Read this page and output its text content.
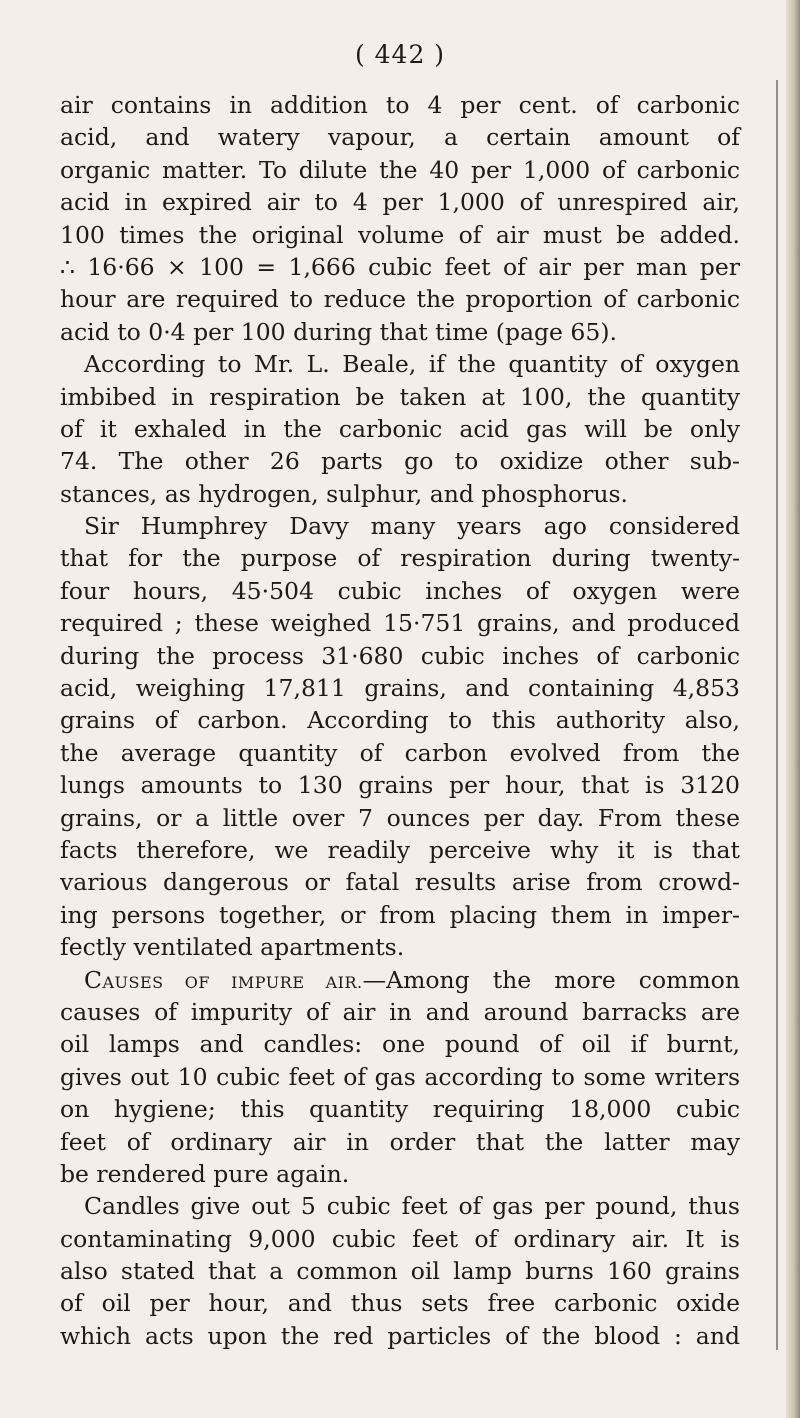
( 442 )
air contains in addition to 4 per cent. of carbonic
acid, and watery vapour, a certain amount of
organic matter. To dilute the 40 per 1,000 of carbonic
acid in expired air to 4 per 1,000 of unrespired air,
100 times the original volume of air must be added.
∴ 16·66 × 100 = 1,666 cubic feet of air per man per
hour are required to reduce the proportion of carbonic
acid to 0·4 per 100 during that time (page 65).
According to Mr. L. Beale, if the quantity of oxygen
imbibed in respiration be taken at 100, the quantity
of it exhaled in the carbonic acid gas will be only
74. The other 26 parts go to oxidize other sub-
stances, as hydrogen, sulphur, and phosphorus.
Sir Humphrey Davy many years ago considered
that for the purpose of respiration during twenty-
four hours, 45·504 cubic inches of oxygen were
required ; these weighed 15·751 grains, and produced
during the process 31·680 cubic inches of carbonic
acid, weighing 17,811 grains, and containing 4,853
grains of carbon. According to this authority also,
the average quantity of carbon evolved from the
lungs amounts to 130 grains per hour, that is 3120
grains, or a little over 7 ounces per day. From these
facts therefore, we readily perceive why it is that
various dangerous or fatal results arise from crowd-
ing persons together, or from placing them in imper-
fectly ventilated apartments.
CAUSES OF IMPURE AIR.—Among the more common
causes of impurity of air in and around barracks are
oil lamps and candles: one pound of oil if burnt,
gives out 10 cubic feet of gas according to some writers
on hygiene; this quantity requiring 18,000 cubic
feet of ordinary air in order that the latter may
be rendered pure again.
Candles give out 5 cubic feet of gas per pound, thus
contaminating 9,000 cubic feet of ordinary air. It is
also stated that a common oil lamp burns 160 grains
of oil per hour, and thus sets free carbonic oxide
which acts upon the red particles of the blood : and
